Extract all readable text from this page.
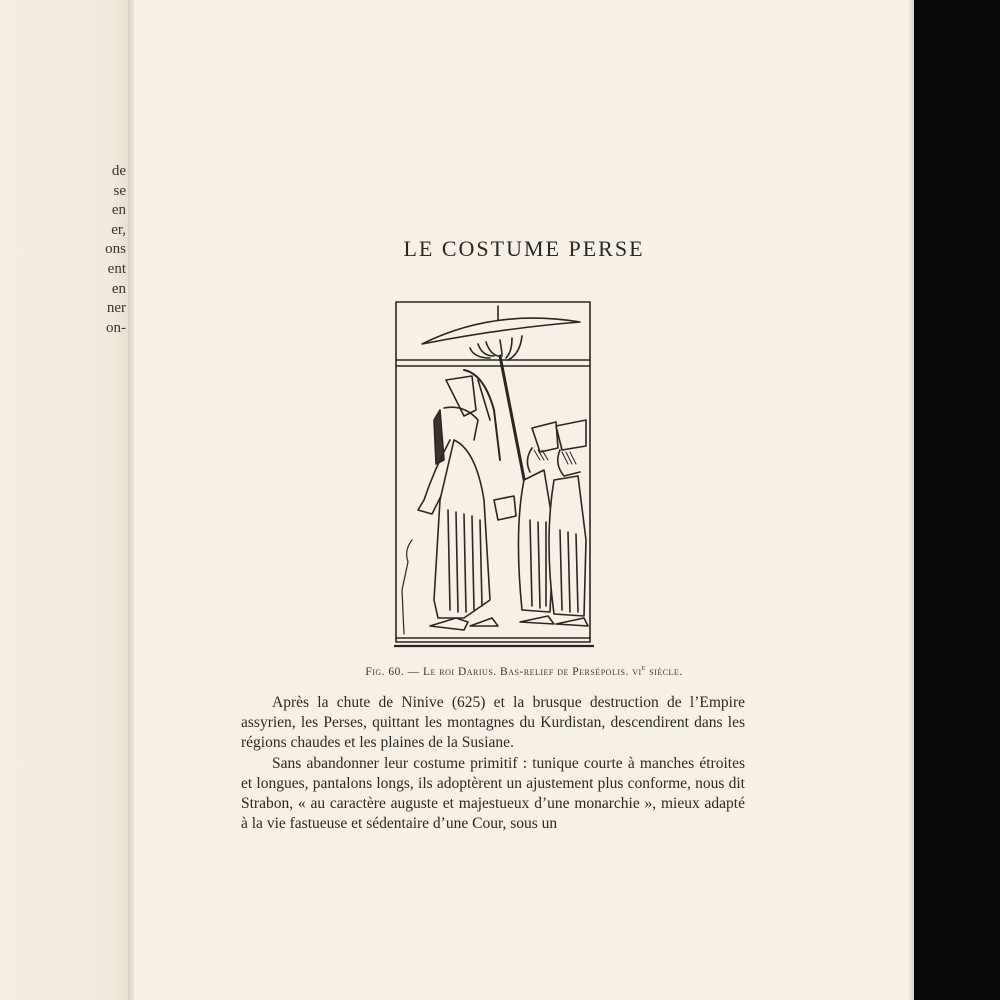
de
se
en
er,
ons
ent
en
ner
on-
LE COSTUME PERSE
Fig. 60. — Le roi Darius. Bas-relief de Persépolis. $vi^e$ siècle.

Après la chute de Ninive (625) et la brusque destruction de l’Empire assyrien, les Perses, quittant les montagnes du Kurdistan, descendirent dans les régions chaudes et les plaines de la Susiane.

Sans abandonner leur costume primitif : tunique courte à manches étroites et longues, pantalons longs, ils adoptèrent un ajustement plus conforme, nous dit Strabon, « au caractère auguste et majestueux d’une monarchie », mieux adapté à la vie fastueuse et sédentaire d’une Cour, sous un
